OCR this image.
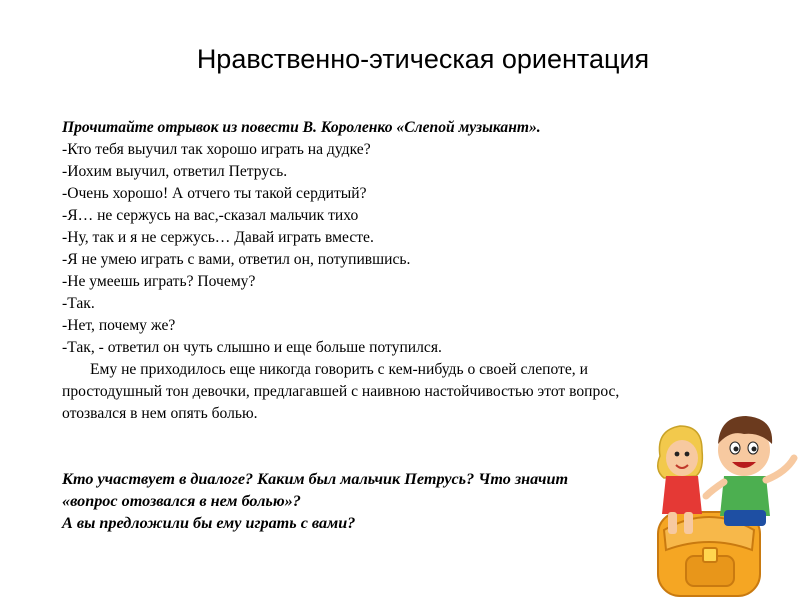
Нравственно-этическая ориентация
Прочитайте отрывок из повести В. Короленко «Слепой музыкант».
-Кто тебя выучил так хорошо играть на дудке?
-Иохим выучил, ответил Петрусь.
-Очень хорошо! А отчего ты такой сердитый?
-Я… не сержусь на вас,-сказал мальчик тихо
-Ну, так и я не сержусь… Давай играть вместе.
-Я не умею играть с вами, ответил он, потупившись.
-Не умеешь играть? Почему?
-Так.
-Нет, почему же?
-Так, - ответил он чуть слышно и еще больше потупился.
Ему не приходилось еще никогда говорить с кем-нибудь о своей слепоте, и
простодушный тон девочки, предлагавшей с наивною настойчивостью этот вопрос,
отозвался в нем опять болью.
Кто участвует в диалоге? Каким был мальчик Петрусь? Что значит
«вопрос отозвался в нем болью»?
А вы предложили бы ему играть с вами?
